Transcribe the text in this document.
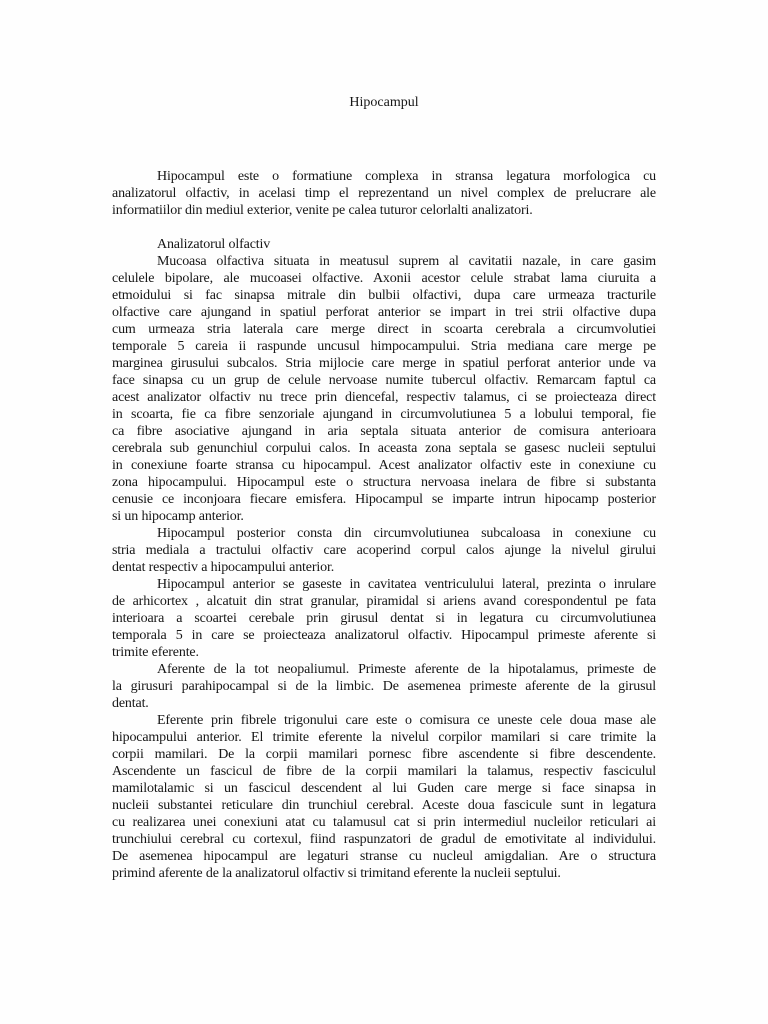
Hipocampul
Hipocampul este o formatiune complexa in stransa legatura morfologica cu
analizatorul olfactiv, in acelasi timp el reprezentand un nivel complex de prelucrare ale
informatiilor din mediul exterior, venite pe calea tuturor celorlalti analizatori.
Analizatorul olfactiv
Mucoasa olfactiva situata in meatusul suprem al cavitatii nazale, in care gasim
celulele bipolare, ale mucoasei olfactive. Axonii acestor celule strabat lama ciuruita a
etmoidului si fac sinapsa mitrale din bulbii olfactivi, dupa care urmeaza tracturile
olfactive care ajungand in spatiul perforat anterior se impart in trei strii olfactive dupa
cum urmeaza stria laterala care merge direct in scoarta cerebrala a circumvolutiei
temporale 5 careia ii raspunde uncusul himpocampului. Stria mediana care merge pe
marginea girusului subcalos. Stria mijlocie care merge in spatiul perforat anterior unde va
face sinapsa cu un grup de celule nervoase numite tubercul olfactiv. Remarcam faptul ca
acest analizator olfactiv nu trece prin diencefal, respectiv talamus, ci se proiecteaza direct
in scoarta, fie ca fibre senzoriale ajungand in circumvolutiunea 5 a lobului temporal, fie
ca fibre asociative ajungand in aria septala situata anterior de comisura anterioara
cerebrala sub genunchiul corpului calos. In aceasta zona septala se gasesc nucleii septului
in conexiune foarte stransa cu hipocampul. Acest analizator olfactiv este in conexiune cu
zona hipocampului. Hipocampul este o structura nervoasa inelara de fibre si substanta
cenusie ce inconjoara fiecare emisfera. Hipocampul se imparte intrun hipocamp posterior
si un hipocamp anterior.
Hipocampul posterior consta din circumvolutiunea subcaloasa in conexiune cu
stria mediala a tractului olfactiv care acoperind corpul calos ajunge la nivelul girului
dentat respectiv a hipocampului anterior.
Hipocampul anterior se gaseste in cavitatea ventriculului lateral, prezinta o inrulare
de arhicortex , alcatuit din strat granular, piramidal si ariens avand corespondentul pe fata
interioara a scoartei cerebale prin girusul dentat si in legatura cu circumvolutiunea
temporala 5 in care se proiecteaza analizatorul olfactiv. Hipocampul primeste aferente si
trimite eferente.
Aferente de la tot neopaliumul. Primeste aferente de la hipotalamus, primeste de
la girusuri parahipocampal si de la limbic. De asemenea primeste aferente de la girusul
dentat.
Eferente prin fibrele trigonului care este o comisura ce uneste cele doua mase ale
hipocampului anterior. El trimite eferente la nivelul corpilor mamilari si care trimite la
corpii mamilari. De la corpii mamilari pornesc fibre ascendente si fibre descendente.
Ascendente un fascicul de fibre de la corpii mamilari la talamus, respectiv fasciculul
mamilotalamic si un fascicul descendent al lui Guden care merge si face sinapsa in
nucleii substantei reticulare din trunchiul cerebral. Aceste doua fascicule sunt in legatura
cu realizarea unei conexiuni atat cu talamusul cat si prin intermediul nucleilor reticulari ai
trunchiului cerebral cu cortexul, fiind raspunzatori de gradul de emotivitate al individului.
De asemenea hipocampul are legaturi stranse cu nucleul amigdalian. Are o structura
primind aferente de la analizatorul olfactiv si trimitand eferente la nucleii septului.
